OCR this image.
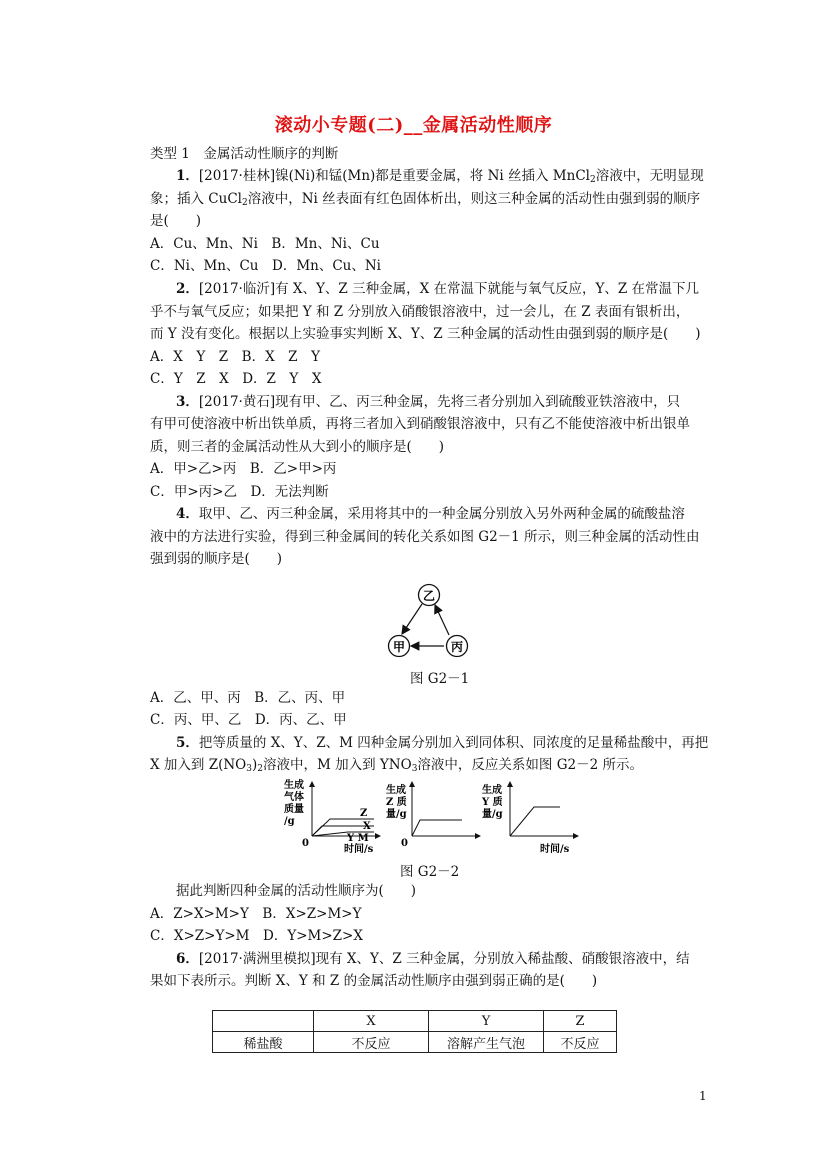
滚动小专题(二)__金属活动性顺序
类型 1　金属活动性顺序的判断
1．[2017·桂林]镍(Ni)和锰(Mn)都是重要金属，将 Ni 丝插入 MnCl$_2$溶液中，无明显现
象；插入 CuCl$_2$溶液中，Ni 丝表面有红色固体析出，则这三种金属的活动性由强到弱的顺序
是(　　)
A．Cu、Mn、Ni　B．Mn、Ni、Cu
C．Ni、Mn、Cu　D．Mn、Cu、Ni
2．[2017·临沂]有 X、Y、Z 三种金属，X 在常温下就能与氧气反应，Y、Z 在常温下几
乎不与氧气反应；如果把 Y 和 Z 分别放入硝酸银溶液中，过一会儿，在 Z 表面有银析出，
而 Y 没有变化。根据以上实验事实判断 X、Y、Z 三种金属的活动性由强到弱的顺序是(　　)
A．X　Y　Z　B．X　Z　Y
C．Y　Z　X　D．Z　Y　X
3．[2017·黄石]现有甲、乙、丙三种金属，先将三者分别加入到硫酸亚铁溶液中，只
有甲可使溶液中析出铁单质，再将三者加入到硝酸银溶液中，只有乙不能使溶液中析出银单
质，则三者的金属活动性从大到小的顺序是(　　)
A．甲>乙>丙　B．乙>甲>丙
C．甲>丙>乙　D．无法判断
4．取甲、乙、丙三种金属，采用将其中的一种金属分别放入另外两种金属的硫酸盐溶
液中的方法进行实验，得到三种金属间的转化关系如图 G2－1 所示，则三种金属的活动性由
强到弱的顺序是(　　)
乙
甲	丙
图 G2－1
A．乙、甲、丙　B．乙、丙、甲
C．丙、甲、乙　D．丙、乙、甲
5．把等质量的 X、Y、Z、M 四种金属分别加入到同体积、同浓度的足量稀盐酸中，再把
X 加入到 $Z(NO_3)_2$溶液中，M 加入到 $YNO_3$溶液中，反应关系如图 G2－2 所示。
生成
气体
质量
/g
Z
X
Y M
0
时间/s
生成
Z 质
量/g
0
生成
Y 质
量/g
时间/s
图 G2－2
据此判断四种金属的活动性顺序为(　　)
A．Z>X>M>Y　B．X>Z>M>Y
C．X>Z>Y>M　D．Y>M>Z>X
6．[2017·满洲里模拟]现有 X、Y、Z 三种金属，分别放入稀盐酸、硝酸银溶液中，结
果如下表所示。判断 X、Y 和 Z 的金属活动性顺序由强到弱正确的是(　　)
	X	Y	Z
稀盐酸	不反应	溶解产生气泡	不反应
1
